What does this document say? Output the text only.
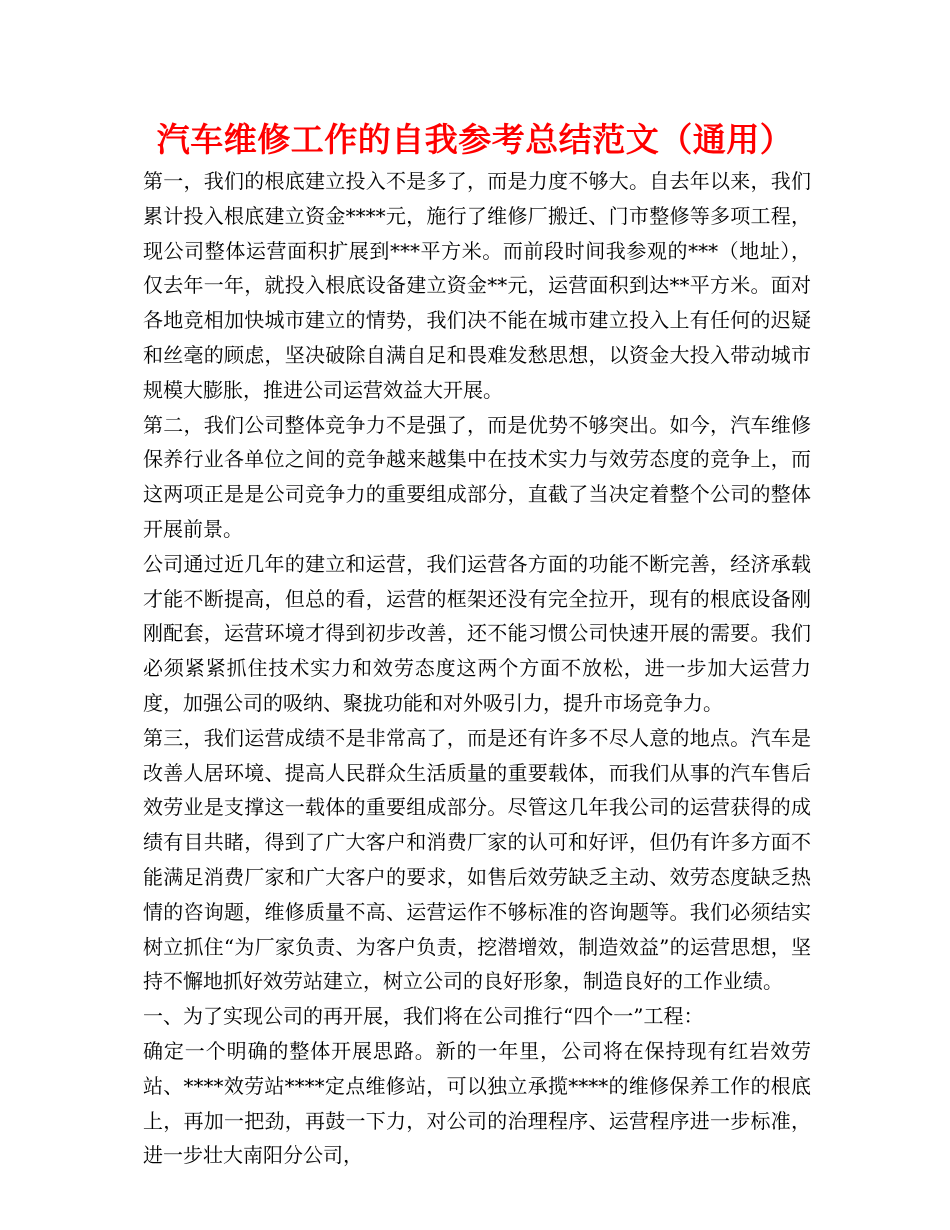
汽车维修工作的自我参考总结范文（通用）

第一，我们的根底建立投入不是多了，而是力度不够大。自去年以来，我们累计投入根底建立资金****元，施行了维修厂搬迁、门市整修等多项工程，现公司整体运营面积扩展到***平方米。而前段时间我参观的***（地址），仅去年一年，就投入根底设备建立资金**元，运营面积到达**平方米。面对各地竞相加快城市建立的情势，我们决不能在城市建立投入上有任何的迟疑和丝毫的顾虑，坚决破除自满自足和畏难发愁思想，以资金大投入带动城市规模大膨胀，推进公司运营效益大开展。

第二，我们公司整体竞争力不是强了，而是优势不够突出。如今，汽车维修保养行业各单位之间的竞争越来越集中在技术实力与效劳态度的竞争上，而这两项正是是公司竞争力的重要组成部分，直截了当决定着整个公司的整体开展前景。

公司通过近几年的建立和运营，我们运营各方面的功能不断完善，经济承载才能不断提高，但总的看，运营的框架还没有完全拉开，现有的根底设备刚刚配套，运营环境才得到初步改善，还不能习惯公司快速开展的需要。我们必须紧紧抓住技术实力和效劳态度这两个方面不放松，进一步加大运营力度，加强公司的吸纳、聚拢功能和对外吸引力，提升市场竞争力。

第三，我们运营成绩不是非常高了，而是还有许多不尽人意的地点。汽车是改善人居环境、提高人民群众生活质量的重要载体，而我们从事的汽车售后效劳业是支撑这一载体的重要组成部分。尽管这几年我公司的运营获得的成绩有目共睹，得到了广大客户和消费厂家的认可和好评，但仍有许多方面不能满足消费厂家和广大客户的要求，如售后效劳缺乏主动、效劳态度缺乏热情的咨询题，维修质量不高、运营运作不够标准的咨询题等。我们必须结实树立抓住“为厂家负责、为客户负责，挖潜增效，制造效益”的运营思想，坚持不懈地抓好效劳站建立，树立公司的良好形象，制造良好的工作业绩。

一、为了实现公司的再开展，我们将在公司推行“四个一”工程：

确定一个明确的整体开展思路。新的一年里，公司将在保持现有红岩效劳站、****效劳站****定点维修站，可以独立承揽****的维修保养工作的根底上，再加一把劲，再鼓一下力，对公司的治理程序、运营程序进一步标准，进一步壮大南阳分公司，
